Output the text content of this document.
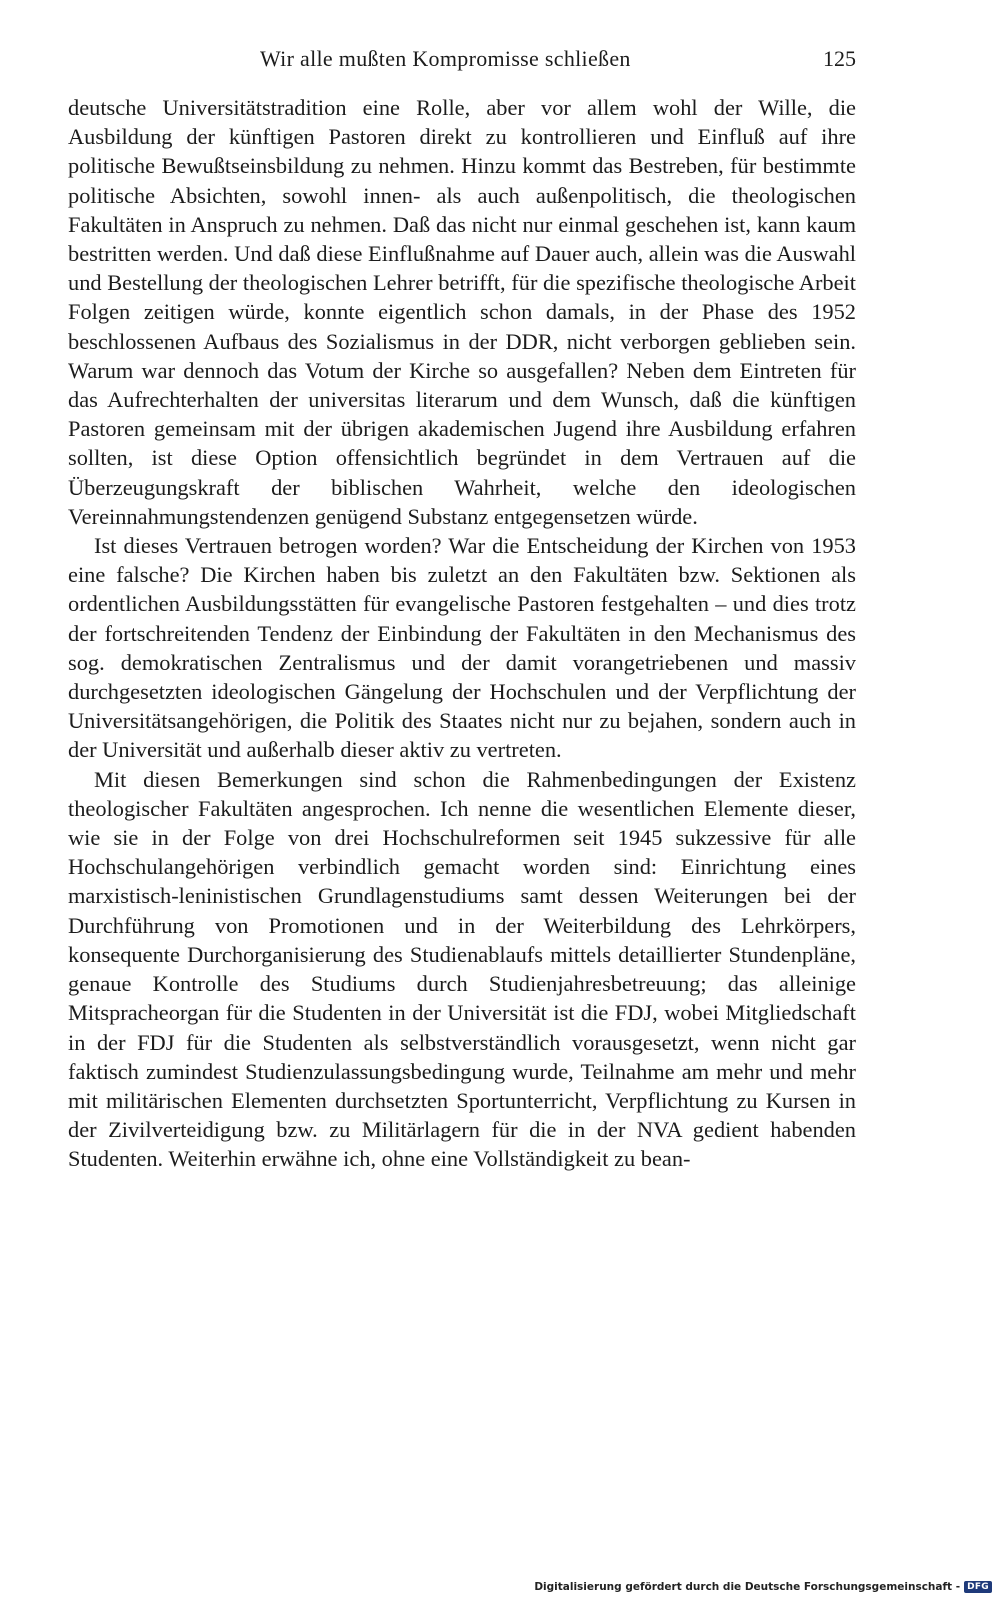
Wir alle mußten Kompromisse schließen	125

deutsche Universitätstradition eine Rolle, aber vor allem wohl der Wille, die Ausbildung der künftigen Pastoren direkt zu kontrollieren und Einfluß auf ihre politische Bewußtseinsbildung zu nehmen. Hinzu kommt das Bestreben, für bestimmte politische Absichten, sowohl innen- als auch außenpolitisch, die theologischen Fakultäten in Anspruch zu nehmen. Daß das nicht nur einmal geschehen ist, kann kaum bestritten werden. Und daß diese Einflußnahme auf Dauer auch, allein was die Auswahl und Bestellung der theologischen Lehrer betrifft, für die spezifische theologische Arbeit Folgen zeitigen würde, konnte eigentlich schon damals, in der Phase des 1952 beschlossenen Aufbaus des Sozialismus in der DDR, nicht verborgen geblieben sein. Warum war dennoch das Votum der Kirche so ausgefallen? Neben dem Eintreten für das Aufrechterhalten der universitas literarum und dem Wunsch, daß die künftigen Pastoren gemeinsam mit der übrigen akademischen Jugend ihre Ausbildung erfahren sollten, ist diese Option offensichtlich begründet in dem Vertrauen auf die Überzeugungskraft der biblischen Wahrheit, welche den ideologischen Vereinnahmungstendenzen genügend Substanz entgegensetzen würde.

Ist dieses Vertrauen betrogen worden? War die Entscheidung der Kirchen von 1953 eine falsche? Die Kirchen haben bis zuletzt an den Fakultäten bzw. Sektionen als ordentlichen Ausbildungsstätten für evangelische Pastoren festgehalten – und dies trotz der fortschreitenden Tendenz der Einbindung der Fakultäten in den Mechanismus des sog. demokratischen Zentralismus und der damit vorangetriebenen und massiv durchgesetzten ideologischen Gängelung der Hochschulen und der Verpflichtung der Universitätsangehörigen, die Politik des Staates nicht nur zu bejahen, sondern auch in der Universität und außerhalb dieser aktiv zu vertreten.

Mit diesen Bemerkungen sind schon die Rahmenbedingungen der Existenz theologischer Fakultäten angesprochen. Ich nenne die wesentlichen Elemente dieser, wie sie in der Folge von drei Hochschulreformen seit 1945 sukzessive für alle Hochschulangehörigen verbindlich gemacht worden sind: Einrichtung eines marxistisch-leninistischen Grundlagenstudiums samt dessen Weiterungen bei der Durchführung von Promotionen und in der Weiterbildung des Lehrkörpers, konsequente Durchorganisierung des Studienablaufs mittels detaillierter Stundenpläne, genaue Kontrolle des Studiums durch Studienjahresbetreuung; das alleinige Mitspracheorgan für die Studenten in der Universität ist die FDJ, wobei Mitgliedschaft in der FDJ für die Studenten als selbstverständlich vorausgesetzt, wenn nicht gar faktisch zumindest Studienzulassungsbedingung wurde, Teilnahme am mehr und mehr mit militärischen Elementen durchsetzten Sportunterricht, Verpflichtung zu Kursen in der Zivilverteidigung bzw. zu Militärlagern für die in der NVA gedient habenden Studenten. Weiterhin erwähne ich, ohne eine Vollständigkeit zu bean-

Digitalisierung gefördert durch die Deutsche Forschungsgemeinschaft - DFG
